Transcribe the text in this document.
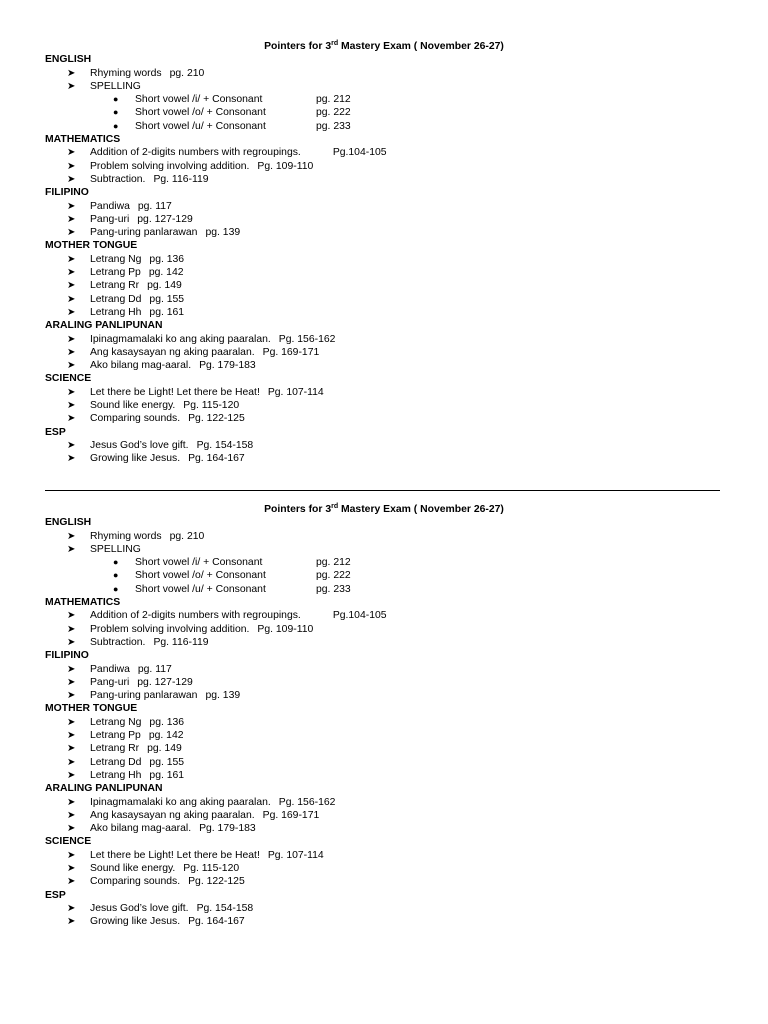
Pointers for 3rd Mastery Exam ( November 26-27)
ENGLISH
➤ Rhyming words pg. 210
➤ SPELLING
● Short vowel /i/ + Consonant	pg. 212
● Short vowel /o/ + Consonant	pg. 222
● Short vowel /u/ + Consonant	pg. 233
MATHEMATICS
➤ Addition of 2-digits numbers with regroupings.	Pg.104-105
➤ Problem solving involving addition. Pg. 109-110
➤ Subtraction. Pg. 116-119
FILIPINO
➤ Pandiwa pg. 117
➤ Pang-uri pg. 127-129
➤ Pang-uring panlarawan pg. 139
MOTHER TONGUE
➤ Letrang Ng pg. 136
➤ Letrang Pp pg. 142
➤ Letrang Rr pg. 149
➤ Letrang Dd pg. 155
➤ Letrang Hh pg. 161
ARALING PANLIPUNAN
➤ Ipinagmamalaki ko ang aking paaralan. Pg. 156-162
➤ Ang kasaysayan ng aking paaralan. Pg. 169-171
➤ Ako bilang mag-aaral. Pg. 179-183
SCIENCE
➤ Let there be Light! Let there be Heat! Pg. 107-114
➤ Sound like energy. Pg. 115-120
➤ Comparing sounds. Pg. 122-125
ESP
➤ Jesus God’s love gift. Pg. 154-158
➤ Growing like Jesus. Pg. 164-167
Pointers for 3rd Mastery Exam ( November 26-27)
ENGLISH
➤ Rhyming words pg. 210
➤ SPELLING
● Short vowel /i/ + Consonant	pg. 212
● Short vowel /o/ + Consonant	pg. 222
● Short vowel /u/ + Consonant	pg. 233
MATHEMATICS
➤ Addition of 2-digits numbers with regroupings.	Pg.104-105
➤ Problem solving involving addition. Pg. 109-110
➤ Subtraction. Pg. 116-119
FILIPINO
➤ Pandiwa pg. 117
➤ Pang-uri pg. 127-129
➤ Pang-uring panlarawan pg. 139
MOTHER TONGUE
➤ Letrang Ng pg. 136
➤ Letrang Pp pg. 142
➤ Letrang Rr pg. 149
➤ Letrang Dd pg. 155
➤ Letrang Hh pg. 161
ARALING PANLIPUNAN
➤ Ipinagmamalaki ko ang aking paaralan. Pg. 156-162
➤ Ang kasaysayan ng aking paaralan. Pg. 169-171
➤ Ako bilang mag-aaral. Pg. 179-183
SCIENCE
➤ Let there be Light! Let there be Heat! Pg. 107-114
➤ Sound like energy. Pg. 115-120
➤ Comparing sounds. Pg. 122-125
ESP
➤ Jesus God’s love gift. Pg. 154-158
➤ Growing like Jesus. Pg. 164-167
